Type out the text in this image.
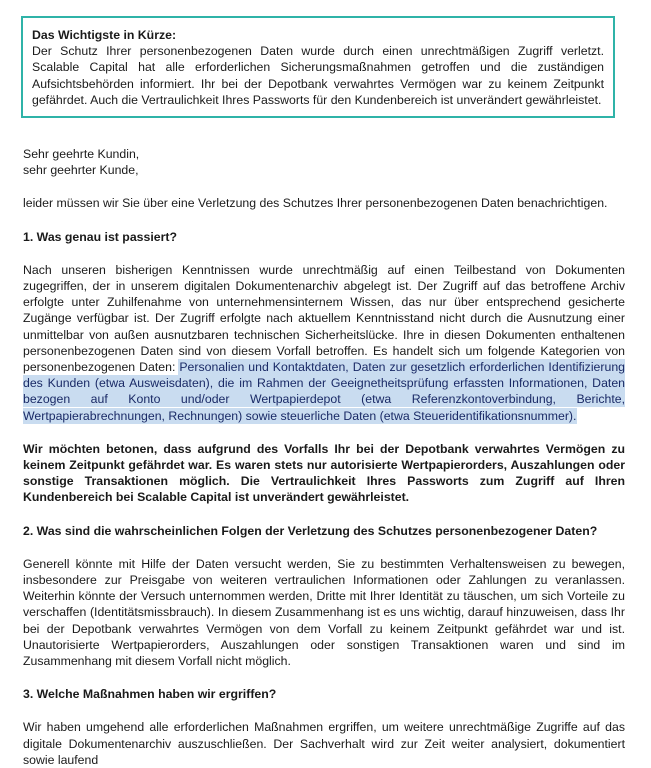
Das Wichtigste in Kürze:

Der Schutz Ihrer personenbezogenen Daten wurde durch einen unrechtmäßigen Zugriff verletzt. Scalable Capital hat alle erforderlichen Sicherungsmaßnahmen getroffen und die zuständigen Aufsichtsbehörden informiert. Ihr bei der Depotbank verwahrtes Vermögen war zu keinem Zeitpunkt gefährdet. Auch die Vertraulichkeit Ihres Passworts für den Kundenbereich ist unverändert gewährleistet.

Sehr geehrte Kundin,

sehr geehrter Kunde,

leider müssen wir Sie über eine Verletzung des Schutzes Ihrer personenbezogenen Daten benachrichtigen.

1. Was genau ist passiert?

Nach unseren bisherigen Kenntnissen wurde unrechtmäßig auf einen Teilbestand von Dokumenten zugegriffen, der in unserem digitalen Dokumentenarchiv abgelegt ist. Der Zugriff auf das betroffene Archiv erfolgte unter Zuhilfenahme von unternehmensinternem Wissen, das nur über entsprechend gesicherte Zugänge verfügbar ist. Der Zugriff erfolgte nach aktuellem Kenntnisstand nicht durch die Ausnutzung einer unmittelbar von außen ausnutzbaren technischen Sicherheitslücke. Ihre in diesen Dokumenten enthaltenen personenbezogenen Daten sind von diesem Vorfall betroffen. Es handelt sich um folgende Kategorien von personenbezogenen Daten: Personalien und Kontaktdaten, Daten zur gesetzlich erforderlichen Identifizierung des Kunden (etwa Ausweisdaten), die im Rahmen der Geeignetheitsprüfung erfassten Informationen, Daten bezogen auf Konto und/oder Wertpapierdepot (etwa Referenzkontoverbindung, Berichte, Wertpapierabrechnungen, Rechnungen) sowie steuerliche Daten (etwa Steueridentifikationsnummer).

Wir möchten betonen, dass aufgrund des Vorfalls Ihr bei der Depotbank verwahrtes Vermögen zu keinem Zeitpunkt gefährdet war. Es waren stets nur autorisierte Wertpapierorders, Auszahlungen oder sonstige Transaktionen möglich. Die Vertraulichkeit Ihres Passworts zum Zugriff auf Ihren Kundenbereich bei Scalable Capital ist unverändert gewährleistet.

2. Was sind die wahrscheinlichen Folgen der Verletzung des Schutzes personenbezogener Daten?

Generell könnte mit Hilfe der Daten versucht werden, Sie zu bestimmten Verhaltensweisen zu bewegen, insbesondere zur Preisgabe von weiteren vertraulichen Informationen oder Zahlungen zu veranlassen. Weiterhin könnte der Versuch unternommen werden, Dritte mit Ihrer Identität zu täuschen, um sich Vorteile zu verschaffen (Identitätsmissbrauch). In diesem Zusammenhang ist es uns wichtig, darauf hinzuweisen, dass Ihr bei der Depotbank verwahrtes Vermögen von dem Vorfall zu keinem Zeitpunkt gefährdet war und ist. Unautorisierte Wertpapierorders, Auszahlungen oder sonstigen Transaktionen waren und sind im Zusammenhang mit diesem Vorfall nicht möglich.

3. Welche Maßnahmen haben wir ergriffen?

Wir haben umgehend alle erforderlichen Maßnahmen ergriffen, um weitere unrechtmäßige Zugriffe auf das digitale Dokumentenarchiv auszuschließen. Der Sachverhalt wird zur Zeit weiter analysiert, dokumentiert sowie laufend
